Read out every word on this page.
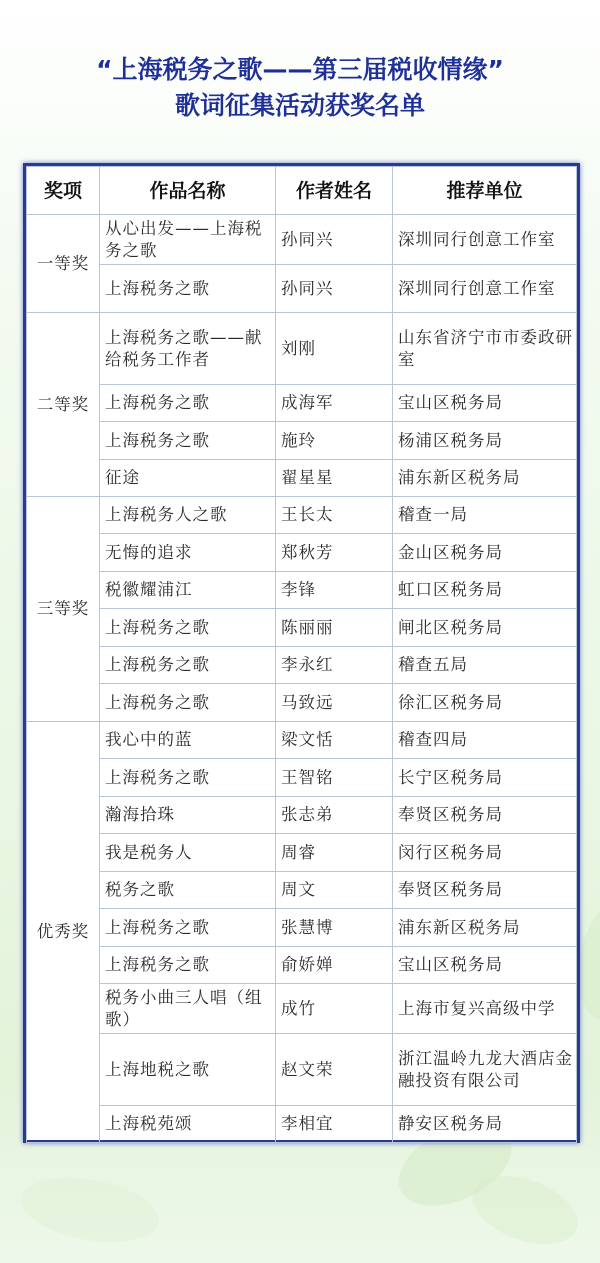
“上海税务之歌——第三届税收情缘”
歌词征集活动获奖名单
奖项	作品名称	作者姓名	推荐单位
一等奖	从心出发——上海税务之歌	孙同兴	深圳同行创意工作室
	上海税务之歌	孙同兴	深圳同行创意工作室
二等奖	上海税务之歌——献给税务工作者	刘刚	山东省济宁市市委政研室
	上海税务之歌	成海军	宝山区税务局
	上海税务之歌	施玲	杨浦区税务局
	征途	翟星星	浦东新区税务局
三等奖	上海税务人之歌	王长太	稽查一局
	无悔的追求	郑秋芳	金山区税务局
	税徽耀浦江	李锋	虹口区税务局
	上海税务之歌	陈丽丽	闸北区税务局
	上海税务之歌	李永红	稽查五局
	上海税务之歌	马致远	徐汇区税务局
优秀奖	我心中的蓝	梁文恬	稽查四局
	上海税务之歌	王智铭	长宁区税务局
	瀚海拾珠	张志弟	奉贤区税务局
	我是税务人	周睿	闵行区税务局
	税务之歌	周文	奉贤区税务局
	上海税务之歌	张慧博	浦东新区税务局
	上海税务之歌	俞娇婵	宝山区税务局
	税务小曲三人唱（组歌）	成竹	上海市复兴高级中学
	上海地税之歌	赵文荣	浙江温岭九龙大酒店金融投资有限公司
	上海税苑颂	李相宜	静安区税务局
